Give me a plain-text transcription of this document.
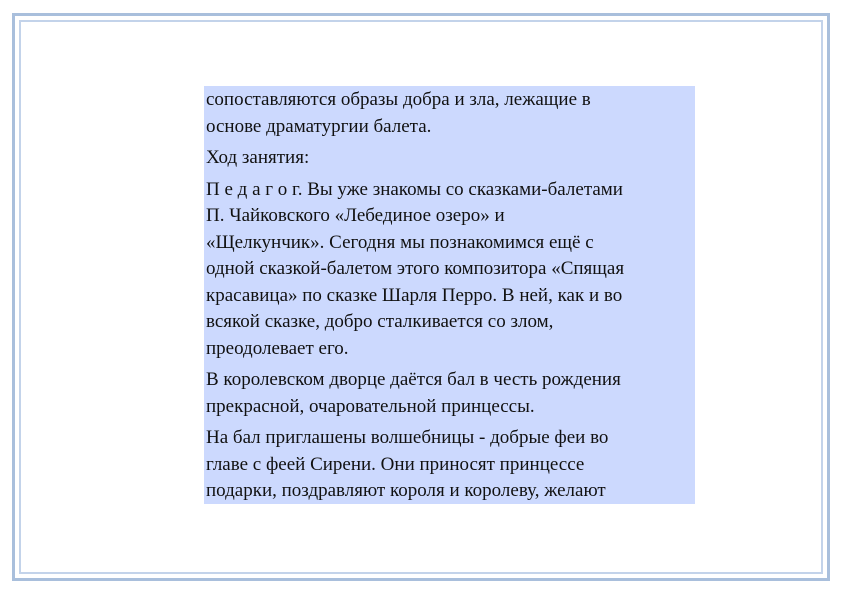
сопоставляются образы добра и зла, лежащие в
основе драматургии балета.

Ход занятия:

П е д а г о г. Вы уже знакомы со сказками-балетами
П. Чайковского «Лебединое озеро» и
«Щелкунчик». Сегодня мы познакомимся ещё с
одной сказкой-балетом этого композитора «Спящая
красавица» по сказке Шарля Перро. В ней, как и во
всякой сказке, добро сталкивается со злом,
преодолевает его.

В королевском дворце даётся бал в честь рождения
прекрасной, очаровательной принцессы.

На бал приглашены волшебницы - добрые феи во
главе с феей Сирени. Они приносят принцессе
подарки, поздравляют короля и королеву, желают
